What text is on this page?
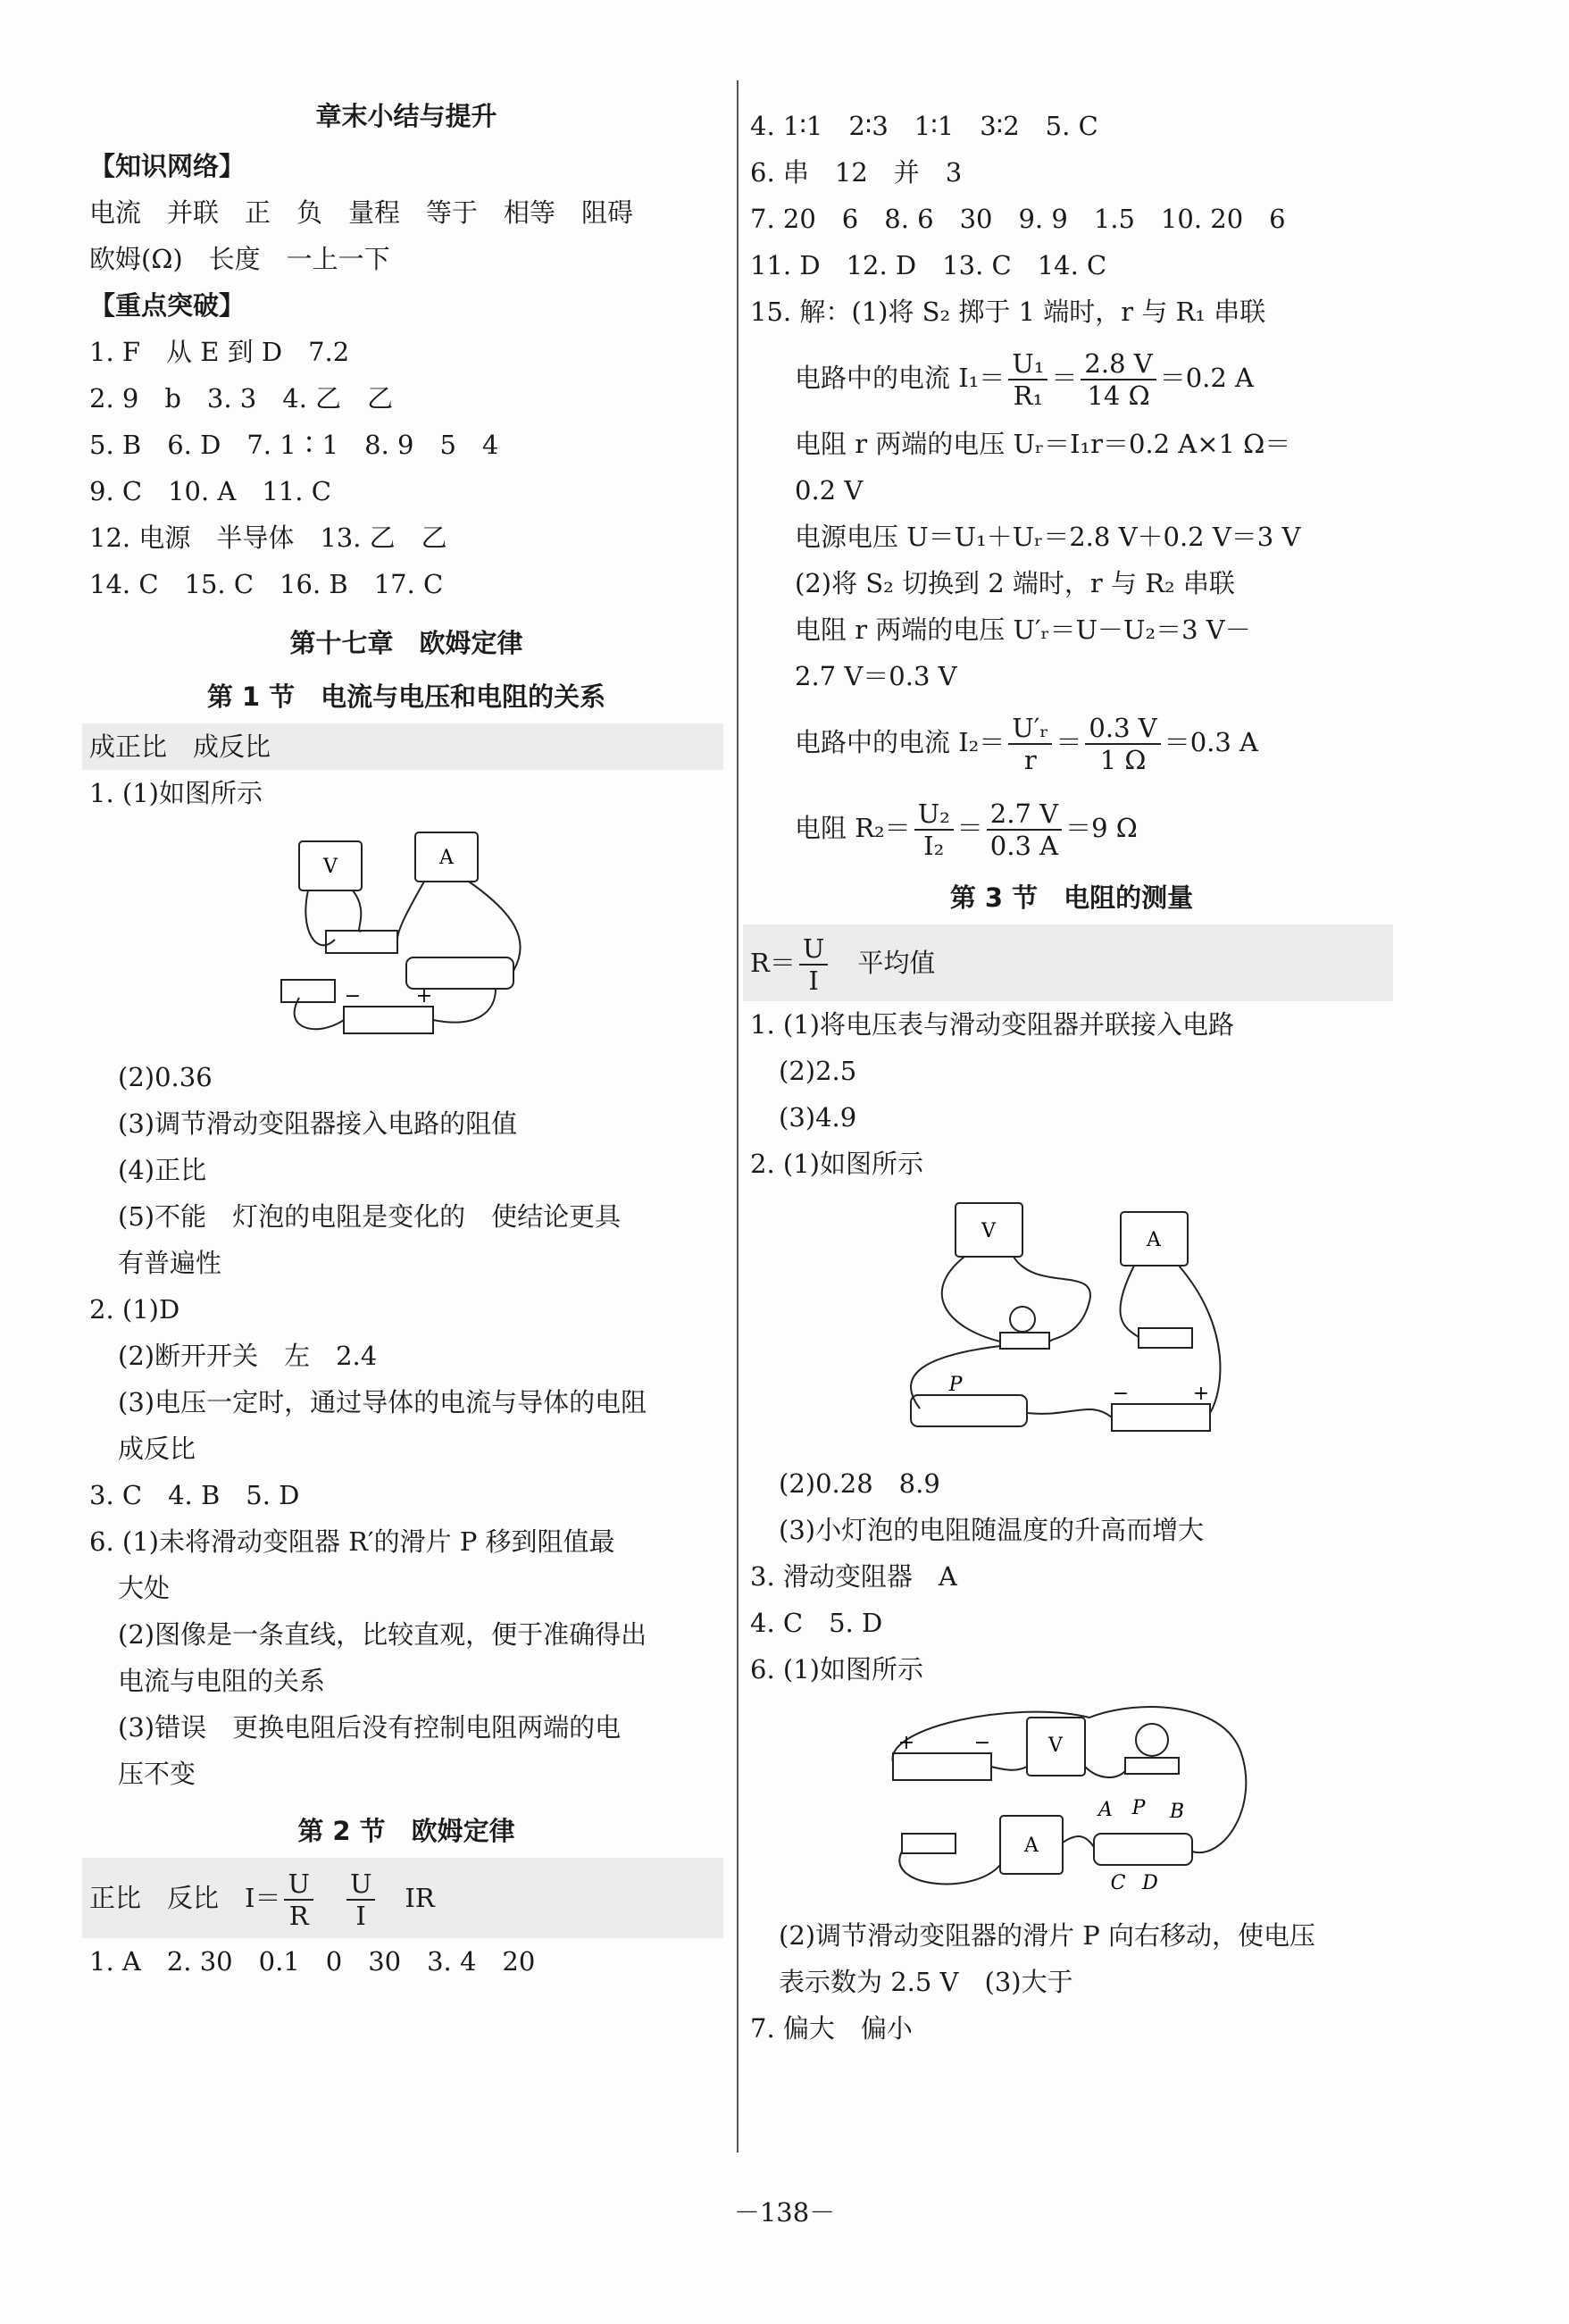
章末小结与提升
【知识网络】
电流　并联　正　负　量程　等于　相等　阻碍
欧姆(Ω)　长度　一上一下
【重点突破】
1. F　从 E 到 D　7.2
2. 9　b　3. 3　4. 乙　乙
5. B　6. D　7. 1∶1　8. 9　5　4
9. C　10. A　11. C
12. 电源　半导体　13. 乙　乙
14. C　15. C　16. B　17. C
第十七章　欧姆定律
第 1 节　电流与电压和电阻的关系
成正比　成反比
1. (1)如图所示
V	A
−	+
(2)0.36
(3)调节滑动变阻器接入电路的阻值
(4)正比
(5)不能　灯泡的电阻是变化的　使结论更具
有普遍性
2. (1)D
(2)断开开关　左　2.4
(3)电压一定时，通过导体的电流与导体的电阻
成反比
3. C　4. B　5. D
6. (1)未将滑动变阻器 R′的滑片 P 移到阻值最
大处
(2)图像是一条直线，比较直观，便于准确得出
电流与电阻的关系
(3)错误　更换电阻后没有控制电阻两端的电
压不变
第 2 节　欧姆定律
正比　反比　$I= \frac{U}{R}$
　 $\frac{U}{I}$
　 IR
1. A　2. 30　0.1　0　30　3. 4　20
4. 1∶1　2∶3　1∶1　3∶2　5. C
6. 串　12　并　3
7. 20　6　8. 6　30　9. 9　1.5　10. 20　6
11. D　12. D　13. C　14. C
15. 解：(1)将 S₂ 掷于 1 端时，r 与 R₁ 串联
电路中的电流 $I_1= \frac{\text{U₁}}{\text{R₁}} = \frac{2.8 V}{14 \Omega} =0.2$ A
电阻 r 两端的电压 Uᵣ＝I₁r＝0.2 A×1 Ω＝
0.2 V
电源电压 U＝U₁＋Uᵣ＝2.8 V＋0.2 V＝3 V
(2)将 S₂ 切换到 2 端时，r 与 R₂ 串联
电阻 r 两端的电压 U′ᵣ＝U－U₂＝3 V－
2.7 V＝0.3 V
电路中的电流 $I_2= \frac{\text{U′ᵣ}}{r} = \frac{0.3 V}{1 \Omega} =0.3$ A
电阻 $R_2= \frac{\text{U₂}}{\text{I₂}} = \frac{2.7 V}{0.3 A} =9$ Ω
第 3 节　电阻的测量
$R= \frac{U}{I}$
　 平均值
1. (1)将电压表与滑动变阻器并联接入电路
(2)2.5
(3)4.9
2. (1)如图所示
V	A
P	−	+
(2)0.28　8.9
(3)小灯泡的电阻随温度的升高而增大
3. 滑动变阻器　A
4. C　5. D
6. (1)如图所示
V
A
A P B
C D
+	−
(2)调节滑动变阻器的滑片 P 向右移动，使电压
表示数为 2.5 V　(3)大于
7. 偏大　偏小
－138－
